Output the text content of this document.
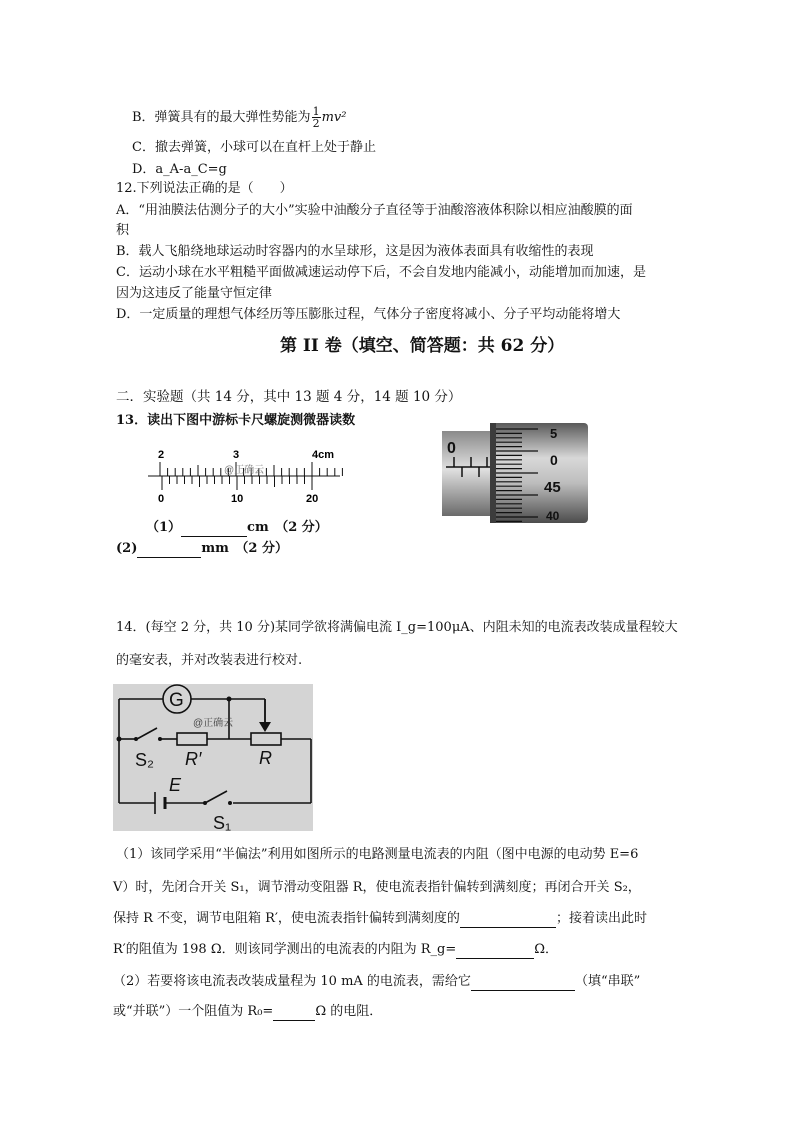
B．弹簧具有的最大弹性势能为 $\frac{1}{2} mv^2$
C．撤去弹簧，小球可以在直杆上处于静止
D．a_A-a_C=g
12.下列说法正确的是（　　）
A．“用油膜法估测分子的大小”实验中油酸分子直径等于油酸溶液体积除以相应油酸膜的面
积
B．载人飞船绕地球运动时容器内的水呈球形，这是因为液体表面具有收缩性的表现
C．运动小球在水平粗糙平面做减速运动停下后，不会自发地内能减小，动能增加而加速，是
因为这违反了能量守恒定律
D．一定质量的理想气体经历等压膨胀过程，气体分子密度将减小、分子平均动能将增大
第 II 卷（填空、简答题：共 62 分）
二．实验题（共 14 分，其中 13 题 4 分，14 题 10 分）
13．读出下图中游标卡尺螺旋测微器读数
2	3	4cm
@正确云
0	10	20
0
5
0
45
40
（1）	cm　（2 分）
(2)	mm　（2 分）
14．(每空 2 分，共 10 分)某同学欲将满偏电流 I_g=100μA、内阻未知的电流表改装成量程较大
的毫安表，并对改装表进行校对.
G
S₂ R′	R
E
S₁
@正确云
（1）该同学采用“半偏法”利用如图所示的电路测量电流表的内阻（图中电源的电动势 E=6
V）时，先闭合开关 S₁，调节滑动变阻器 R，使电流表指针偏转到满刻度；再闭合开关 S₂，
保持 R 不变，调节电阻箱 R′，使电流表指针偏转到满刻度的	；接着读出此时
R′的阻值为 198 Ω．则该同学测出的电流表的内阻为 R_g=	Ω．
（2）若要将该电流表改装成量程为 10 mA 的电流表，需给它	（填“串联”
或“并联”）一个阻值为 R₀=	Ω 的电阻．
